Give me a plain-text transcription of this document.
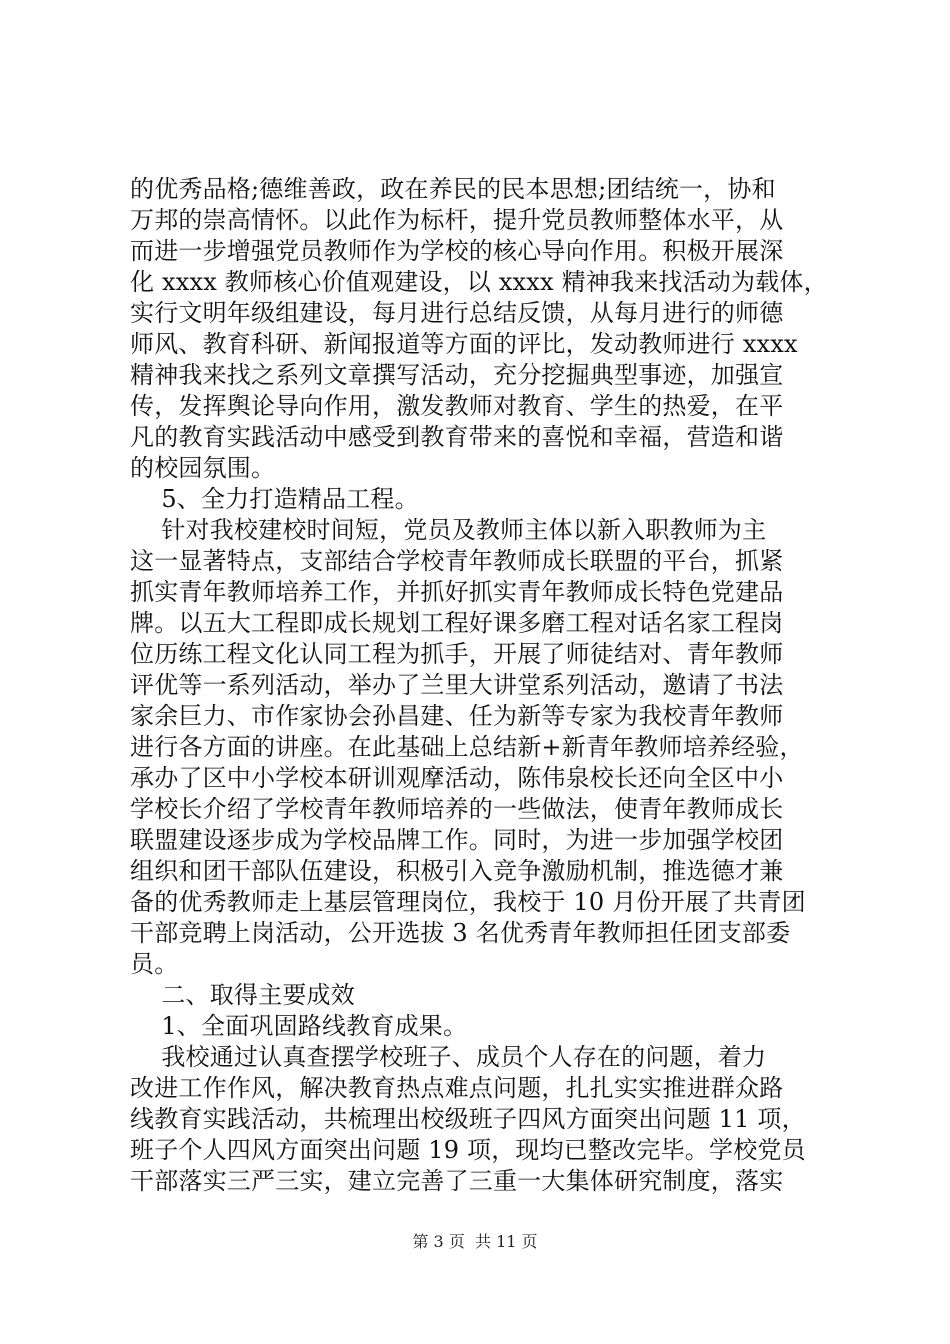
的优秀品格;德维善政，政在养民的民本思想;团结统一，协和
万邦的崇高情怀。以此作为标杆，提升党员教师整体水平，从
而进一步增强党员教师作为学校的核心导向作用。积极开展深
化 xxxx 教师核心价值观建设，以 xxxx 精神我来找活动为载体，
实行文明年级组建设，每月进行总结反馈，从每月进行的师德
师风、教育科研、新闻报道等方面的评比，发动教师进行 xxxx
精神我来找之系列文章撰写活动，充分挖掘典型事迹，加强宣
传，发挥舆论导向作用，激发教师对教育、学生的热爱，在平
凡的教育实践活动中感受到教育带来的喜悦和幸福，营造和谐
的校园氛围。
5、全力打造精品工程。
针对我校建校时间短，党员及教师主体以新入职教师为主
这一显著特点，支部结合学校青年教师成长联盟的平台，抓紧
抓实青年教师培养工作，并抓好抓实青年教师成长特色党建品
牌。以五大工程即成长规划工程好课多磨工程对话名家工程岗
位历练工程文化认同工程为抓手，开展了师徒结对、青年教师
评优等一系列活动，举办了兰里大讲堂系列活动，邀请了书法
家余巨力、市作家协会孙昌建、任为新等专家为我校青年教师
进行各方面的讲座。在此基础上总结新+新青年教师培养经验，
承办了区中小学校本研训观摩活动，陈伟泉校长还向全区中小
学校长介绍了学校青年教师培养的一些做法，使青年教师成长
联盟建设逐步成为学校品牌工作。同时，为进一步加强学校团
组织和团干部队伍建设，积极引入竞争激励机制，推选德才兼
备的优秀教师走上基层管理岗位，我校于 10 月份开展了共青团
干部竞聘上岗活动，公开选拔 3 名优秀青年教师担任团支部委
员。
二、取得主要成效
1、全面巩固路线教育成果。
我校通过认真查摆学校班子、成员个人存在的问题，着力
改进工作作风，解决教育热点难点问题，扎扎实实推进群众路
线教育实践活动，共梳理出校级班子四风方面突出问题 11 项，
班子个人四风方面突出问题 19 项，现均已整改完毕。学校党员
干部落实三严三实，建立完善了三重一大集体研究制度，落实
第 3 页  共 11 页
